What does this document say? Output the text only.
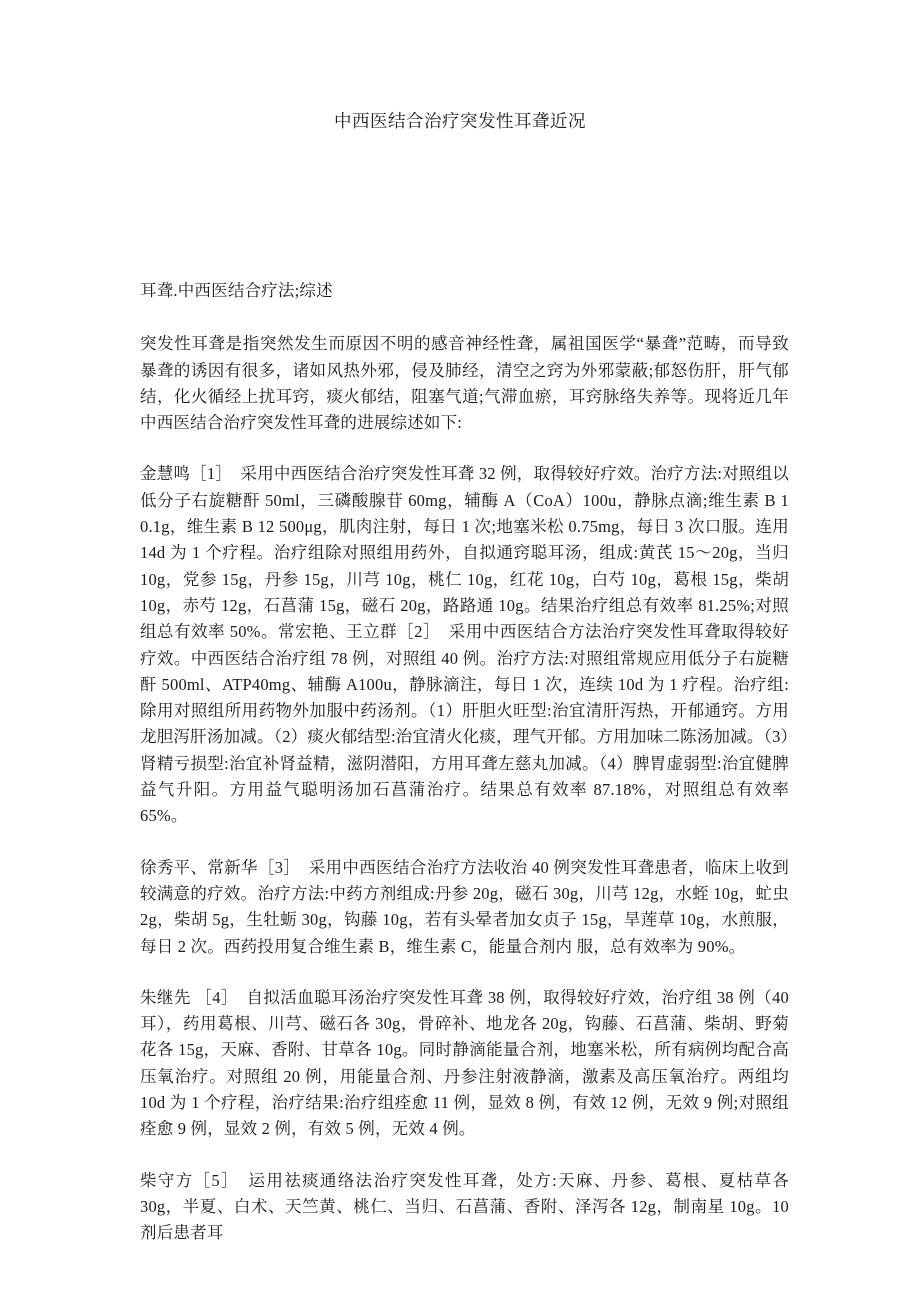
中西医结合治疗突发性耳聋近况

耳聋.中西医结合疗法;综述

突发性耳聋是指突然发生而原因不明的感音神经性聋，属祖国医学“暴聋”范畴，而导致暴聋的诱因有很多，诸如风热外邪，侵及肺经，清空之窍为外邪蒙蔽;郁怒伤肝，肝气郁结，化火循经上扰耳窍，痰火郁结，阻塞气道;气滞血瘀，耳窍脉络失养等。现将近几年中西医结合治疗突发性耳聋的进展综述如下:

金慧鸣［1］　采用中西医结合治疗突发性耳聋 32 例，取得较好疗效。治疗方法:对照组以低分子右旋糖酐 50ml，三磷酸腺苷 60mg，辅酶 A（CoA）100u，静脉点滴;维生素 B 1 0.1g，维生素 B 12 500μg，肌肉注射，每日 1 次;地塞米松 0.75mg，每日 3 次口服。连用 14d 为 1 个疗程。治疗组除对照组用药外，自拟通窍聪耳汤，组成:黄芪 15～20g，当归 10g，党参 15g，丹参 15g，川芎 10g，桃仁 10g，红花 10g，白芍 10g，葛根 15g，柴胡 10g，赤芍 12g，石菖蒲 15g，磁石 20g，路路通 10g。结果治疗组总有效率 81.25%;对照组总有效率 50%。常宏艳、王立群［2］　采用中西医结合方法治疗突发性耳聋取得较好疗效。中西医结合治疗组 78 例，对照组 40 例。治疗方法:对照组常规应用低分子右旋糖酐 500ml、ATP40mg、辅酶 A100u，静脉滴注，每日 1 次，连续 10d 为 1 疗程。治疗组:除用对照组所用药物外加服中药汤剂。（1）肝胆火旺型:治宜清肝泻热，开郁通窍。方用龙胆泻肝汤加减。（2）痰火郁结型:治宜清火化痰，理气开郁。方用加味二陈汤加减。（3）肾精亏损型:治宜补肾益精，滋阴潜阳，方用耳聋左慈丸加减。（4）脾胃虚弱型:治宜健脾益气升阳。方用益气聪明汤加石菖蒲治疗。结果总有效率 87.18%，对照组总有效率 65%。

徐秀平、常新华［3］　采用中西医结合治疗方法收治 40 例突发性耳聋患者，临床上收到较满意的疗效。治疗方法:中药方剂组成:丹参 20g，磁石 30g，川芎 12g，水蛭 10g，虻虫 2g，柴胡 5g，生牡蛎 30g，钩藤 10g，若有头晕者加女贞子 15g，旱莲草 10g，水煎服，每日 2 次。西药投用复合维生素 B，维生素 C，能量合剂内 服，总有效率为 90%。

朱继先 ［4］　自拟活血聪耳汤治疗突发性耳聋 38 例，取得较好疗效，治疗组 38 例（40 耳），药用葛根、川芎、磁石各 30g，骨碎补、地龙各 20g，钩藤、石菖蒲、柴胡、野菊花各 15g，天麻、香附、甘草各 10g。同时静滴能量合剂，地塞米松，所有病例均配合高压氧治疗。对照组 20 例，用能量合剂、丹参注射液静滴，激素及高压氧治疗。两组均 10d 为 1 个疗程，治疗结果:治疗组痊愈 11 例，显效 8 例，有效 12 例，无效 9 例;对照组痊愈 9 例，显效 2 例，有效 5 例，无效 4 例。

柴守方［5］　运用祛痰通络法治疗突发性耳聋，处方:天麻、丹参、葛根、夏枯草各 30g，半夏、白术、天竺黄、桃仁、当归、石菖蒲、香附、泽泻各 12g，制南星 10g。10 剂后患者耳
